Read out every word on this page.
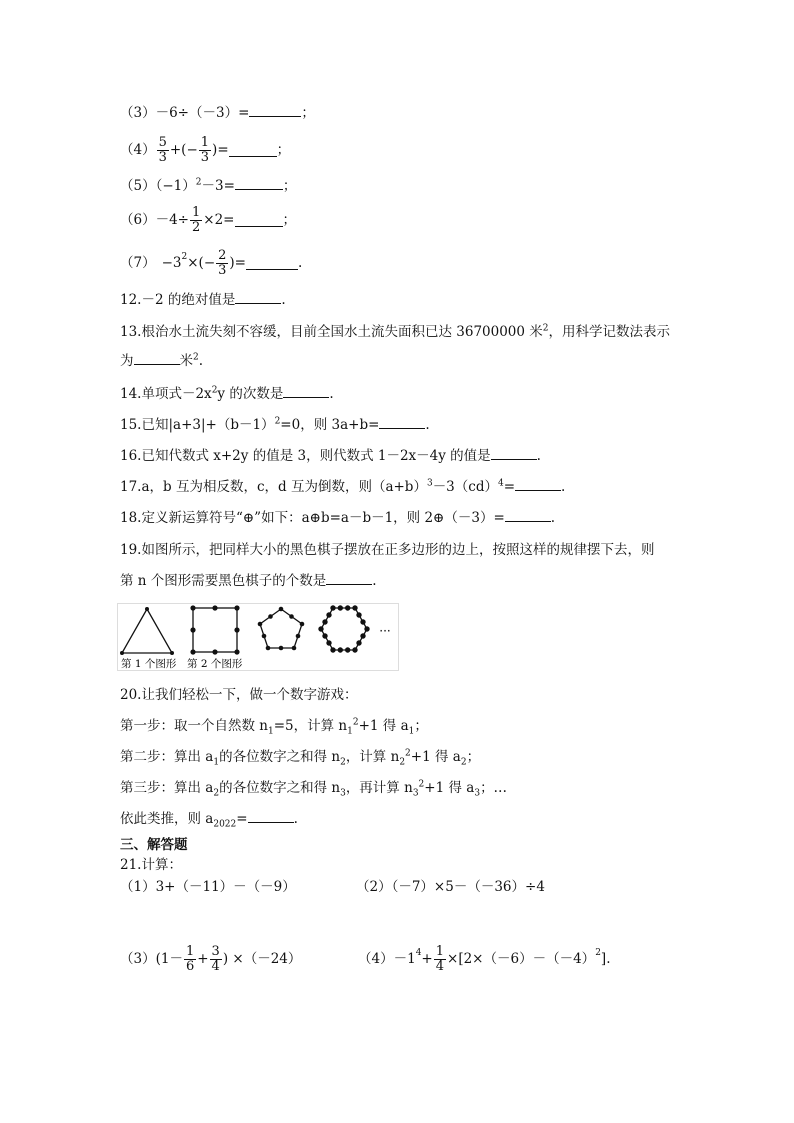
（3）－6÷（－3）=	；
$(4) \frac{5}{3}$ +(− $\frac{1}{3}$ )=	；
$(5)(-1)^2-3=$	；
$(6) -4\div \frac{1}{2} \times 2=$	；
$(7) -3^2$ ×(− $\frac{2}{3}$ )=	.
12.－2 的绝对值是	.
13.根治水土流失刻不容缓，目前全国水土流失面积已达 36700000 米$^2$，用科学记数法表示
为	米$^2$.
14.单项式$-2x^2y$ 的次数是	.
15.已知$|a+3|+(b-1)^2=0$，则 3a+b=	.
16.已知代数式 x+2y 的值是 3，则代数式 1－2x－4y 的值是	.
17.a，b 互为相反数，c，d 互为倒数，则$(a+b)^3-3(cd)^4=$	.
18.定义新运算符号“⊕”如下：a⊕b=a－b－1，则 2⊕（－3）=	.
19.如图所示，把同样大小的黑色棋子摆放在正多边形的边上，按照这样的规律摆下去，则
第 n 个图形需要黑色棋子的个数是	.
···
第 1 个图形 第 2 个图形
20.让我们轻松一下，做一个数字游戏：
第一步：取一个自然数 $n_1=5$，计算 $n_1^2+1$ 得 $a_1$；
第二步：算出 $a_1$的各位数字之和得 $n_2$，计算 $n_2^2+1$ 得 $a_2$；
第三步：算出 $a_2$的各位数字之和得 $n_3$，再计算 $n_3^2+1$ 得 $a_3$；…
依此类推，则 $a_{2022}=$	.
三、解答题
21.计算：
（1）3+（－11）－（－9）	（2）（－7）×5－（－36）÷4
$(3)(1- \frac{1}{6} + \frac{3}{4}$ ) ×（－24）	$(4)-1^4 + \frac{1}{4} \times[2\times(-6)-(-4)^2$ ].
